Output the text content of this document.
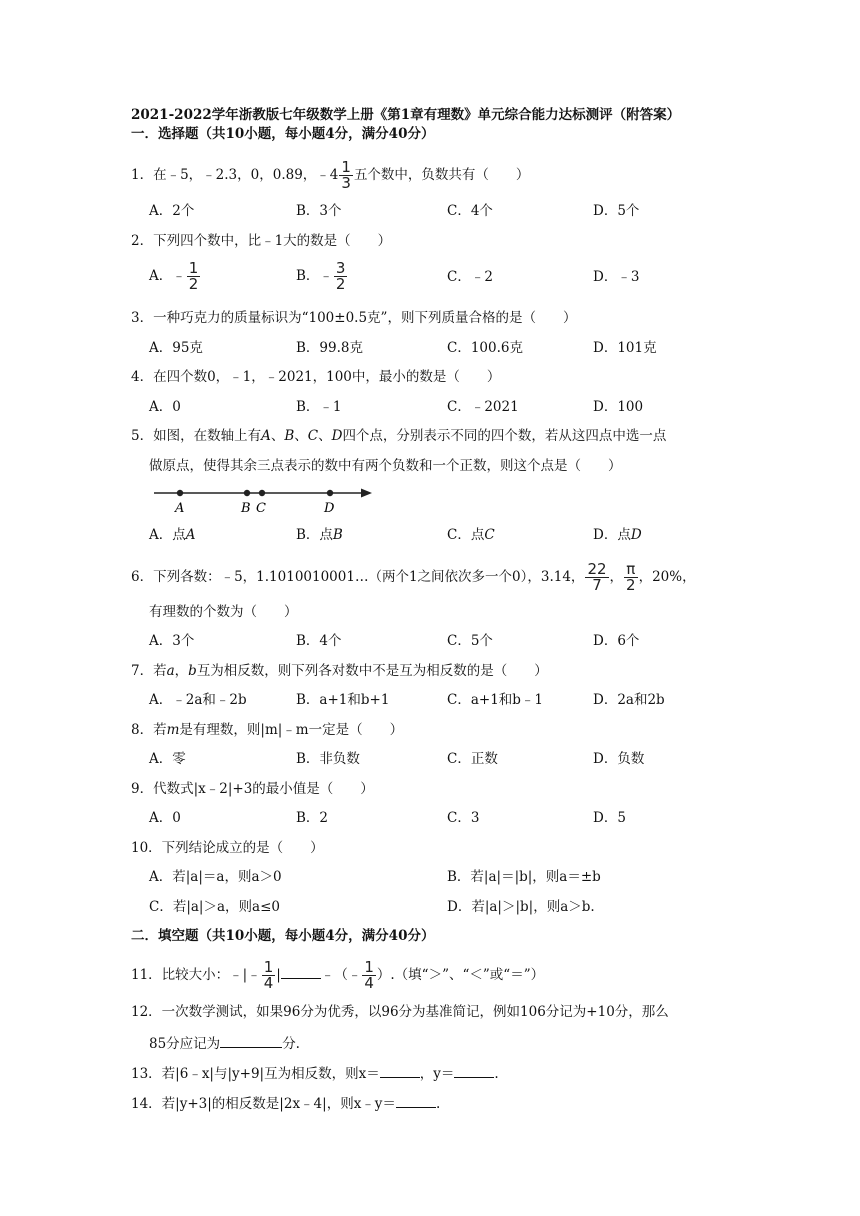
2021-2022学年浙教版七年级数学上册《第1章有理数》单元综合能力达标测评（附答案）
一．选择题（共10小题，每小题4分，满分40分）
1．在﹣5，﹣2.3，0，0.89，﹣4 $\frac{1}{3}$ 五个数中，负数共有（　　）
A．2个	B．3个	C．4个	D．5个
2．下列四个数中，比﹣1大的数是（　　）
A．﹣ $\frac{1}{2}$	B．﹣ $\frac{3}{2}$	C．﹣2	D．﹣3
3．一种巧克力的质量标识为“100±0.5克”，则下列质量合格的是（　　）
A．95克	B．99.8克	C．100.6克	D．101克
4．在四个数0，﹣1，﹣2021，100中，最小的数是（　　）
A．0	B．﹣1	C．﹣2021	D．100
5．如图，在数轴上有A、B、C、D四个点，分别表示不同的四个数，若从这四点中选一点
做原点，使得其余三点表示的数中有两个负数和一个正数，则这个点是（　　）
A	B C	D
A．点A	B．点B	C．点C	D．点D
6．下列各数：﹣5，1.1010010001…（两个1之间依次多一个0），3.14， $\frac{22}{7}$ ， $\frac{\pi}{2}$ ，20%，
有理数的个数为（　　）
A．3个	B．4个	C．5个	D．6个
7．若a，b互为相反数，则下列各对数中不是互为相反数的是（　　）
A．﹣2a和﹣2b	B．a+1和b+1	C．a+1和b﹣1	D．2a和2b
8．若m是有理数，则|m|﹣m一定是（　　）
A．零	B．非负数	C．正数	D．负数
9．代数式|x﹣2|+3的最小值是（　　）
A．0	B．2	C．3	D．5
10．下列结论成立的是（　　）
A．若|a|＝a，则a＞0	B．若|a|＝|b|，则a＝±b
C．若|a|＞a，则a≤0	D．若|a|＞|b|，则a＞b.
二．填空题（共10小题，每小题4分，满分40分）
11．比较大小：﹣|﹣ $\frac{1}{4}$ |	﹣（﹣ $\frac{1}{4}$ ）.（填“＞”、“＜”或“＝”）
12．一次数学测试，如果96分为优秀，以96分为基准简记，例如106分记为+10分，那么
85分应记为	分.
13．若|6﹣x|与|y+9|互为相反数，则x＝	，y＝	.
14．若|y+3|的相反数是|2x﹣4|，则x﹣y＝	.
